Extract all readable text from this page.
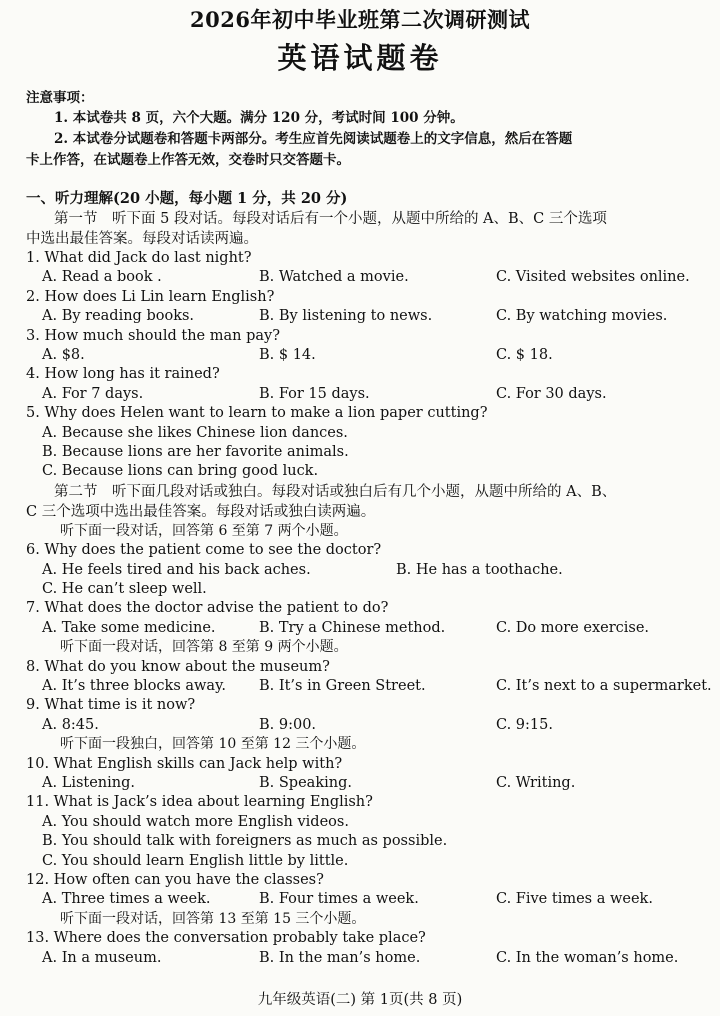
2026年初中毕业班第二次调研测试
英语试题卷
注意事项：
1. 本试卷共 8 页，六个大题。满分 120 分，考试时间 100 分钟。
2. 本试卷分试题卷和答题卡两部分。考生应首先阅读试题卷上的文字信息，然后在答题
卡上作答，在试题卷上作答无效，交卷时只交答题卡。
一、听力理解(20 小题，每小题 1 分，共 20 分)
第一节　听下面 5 段对话。每段对话后有一个小题，从题中所给的 A、B、C 三个选项
中选出最佳答案。每段对话读两遍。
1. What did Jack do last night?
A. Read a book .	B. Watched a movie.	C. Visited websites online.
2. How does Li Lin learn English?
A. By reading books.	B. By listening to news.	C. By watching movies.
3. How much should the man pay?
A. $8.	B. $ 14.	C. $ 18.
4. How long has it rained?
A. For 7 days.	B. For 15 days.	C. For 30 days.
5. Why does Helen want to learn to make a lion paper cutting?
A. Because she likes Chinese lion dances.
B. Because lions are her favorite animals.
C. Because lions can bring good luck.
第二节　听下面几段对话或独白。每段对话或独白后有几个小题，从题中所给的 A、B、
C 三个选项中选出最佳答案。每段对话或独白读两遍。
听下面一段对话，回答第 6 至第 7 两个小题。
6. Why does the patient come to see the doctor?
A. He feels tired and his back aches.	B. He has a toothache.
C. He can’t sleep well.
7. What does the doctor advise the patient to do?
A. Take some medicine.	B. Try a Chinese method.	C. Do more exercise.
听下面一段对话，回答第 8 至第 9 两个小题。
8. What do you know about the museum?
A. It’s three blocks away. B. It’s in Green Street.	C. It’s next to a supermarket.
9. What time is it now?
A. 8:45.	B. 9:00.	C. 9:15.
听下面一段独白，回答第 10 至第 12 三个小题。
10. What English skills can Jack help with?
A. Listening.	B. Speaking.	C. Writing.
11. What is Jack’s idea about learning English?
A. You should watch more English videos.
B. You should talk with foreigners as much as possible.
C. You should learn English little by little.
12. How often can you have the classes?
A. Three times a week.	B. Four times a week.	C. Five times a week.
听下面一段对话，回答第 13 至第 15 三个小题。
13. Where does the conversation probably take place?
A. In a museum.	B. In the man’s home.	C. In the woman’s home.
九年级英语(二) 第 1页(共 8 页)
